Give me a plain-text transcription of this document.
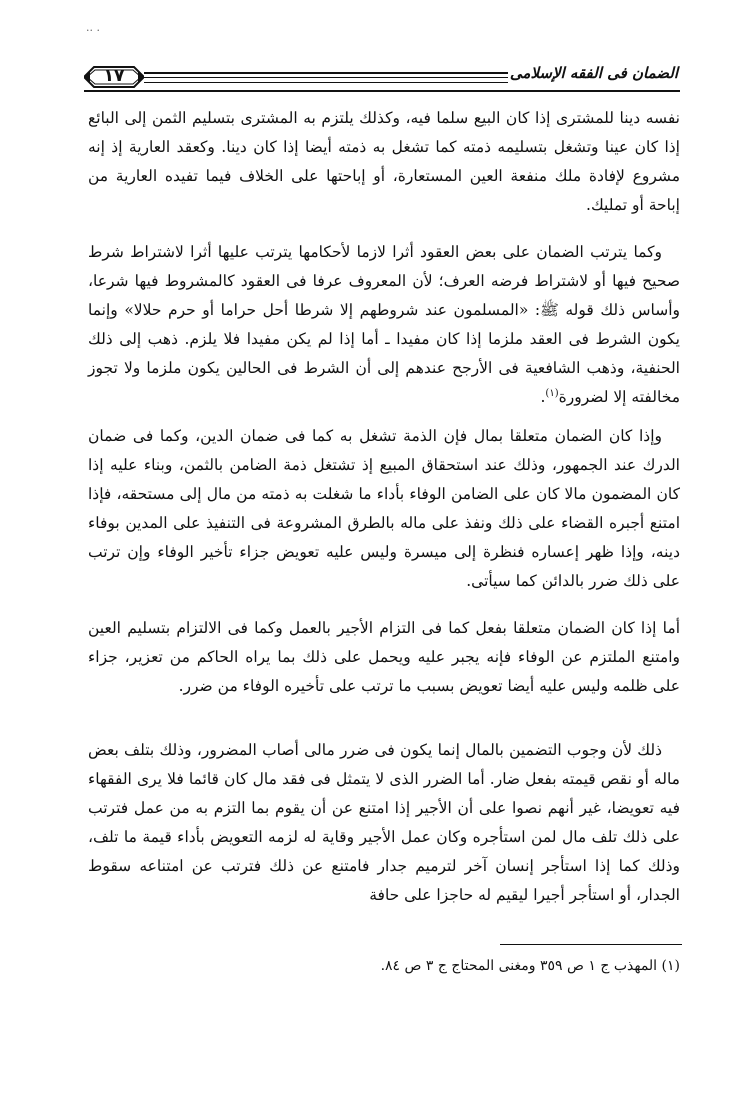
·· ·
١٧	الضمان فى الفقه الإسلامى

نفسه دينا للمشترى إذا كان البيع سلما فيه، وكذلك يلتزم به المشترى بتسليم الثمن إلى البائع إذا كان عينا وتشغل بتسليمه ذمته كما تشغل به ذمته أيضا إذا كان دينا. وكعقد العارية إذ إنه مشروع لإفادة ملك منفعة العين المستعارة، أو إباحتها على الخلاف فيما تفيده العارية من إباحة أو تمليك.

وكما يترتب الضمان على بعض العقود أثرا لازما لأحكامها يترتب عليها أثرا لاشتراط شرط صحيح فيها أو لاشتراط فرضه العرف؛ لأن المعروف عرفا فى العقود كالمشروط فيها شرعا، وأساس ذلك قوله ﷺ: «المسلمون عند شروطهم إلا شرطا أحل حراما أو حرم حلالا» وإنما يكون الشرط فى العقد ملزما إذا كان مفيدا ـ أما إذا لم يكن مفيدا فلا يلزم. ذهب إلى ذلك الحنفية، وذهب الشافعية فى الأرجح عندهم إلى أن الشرط فى الحالين يكون ملزما ولا تجوز مخالفته إلا لضرورة$^{(١)}$.

وإذا كان الضمان متعلقا بمال فإن الذمة تشغل به كما فى ضمان الدين، وكما فى ضمان الدرك عند الجمهور، وذلك عند استحقاق المبيع إذ تشتغل ذمة الضامن بالثمن، وبناء عليه إذا كان المضمون مالا كان على الضامن الوفاء بأداء ما شغلت به ذمته من مال إلى مستحقه، فإذا امتنع أجبره القضاء على ذلك ونفذ على ماله بالطرق المشروعة فى التنفيذ على المدين بوفاء دينه، وإذا ظهر إعساره فنظرة إلى ميسرة وليس عليه تعويض جزاء تأخير الوفاء وإن ترتب على ذلك ضرر بالدائن كما سيأتى.

أما إذا كان الضمان متعلقا بفعل كما فى التزام الأجير بالعمل وكما فى الالتزام بتسليم العين وامتنع الملتزم عن الوفاء فإنه يجبر عليه ويحمل على ذلك بما يراه الحاكم من تعزير، جزاء على ظلمه وليس عليه أيضا تعويض بسبب ما ترتب على تأخيره الوفاء من ضرر.

ذلك لأن وجوب التضمين بالمال إنما يكون فى ضرر مالى أصاب المضرور، وذلك بتلف بعض ماله أو نقص قيمته بفعل ضار. أما الضرر الذى لا يتمثل فى فقد مال كان قائما فلا يرى الفقهاء فيه تعويضا، غير أنهم نصوا على أن الأجير إذا امتنع عن أن يقوم بما التزم به من عمل فترتب على ذلك تلف مال لمن استأجره وكان عمل الأجير وقاية له لزمه التعويض بأداء قيمة ما تلف، وذلك كما إذا استأجر إنسان آخر لترميم جدار فامتنع عن ذلك فترتب عن امتناعه سقوط الجدار، أو استأجر أجيرا ليقيم له حاجزا على حافة

(١) المهذب ج ١ ص ٣٥٩ ومغنى المحتاج ج ٣ ص ٨٤.
